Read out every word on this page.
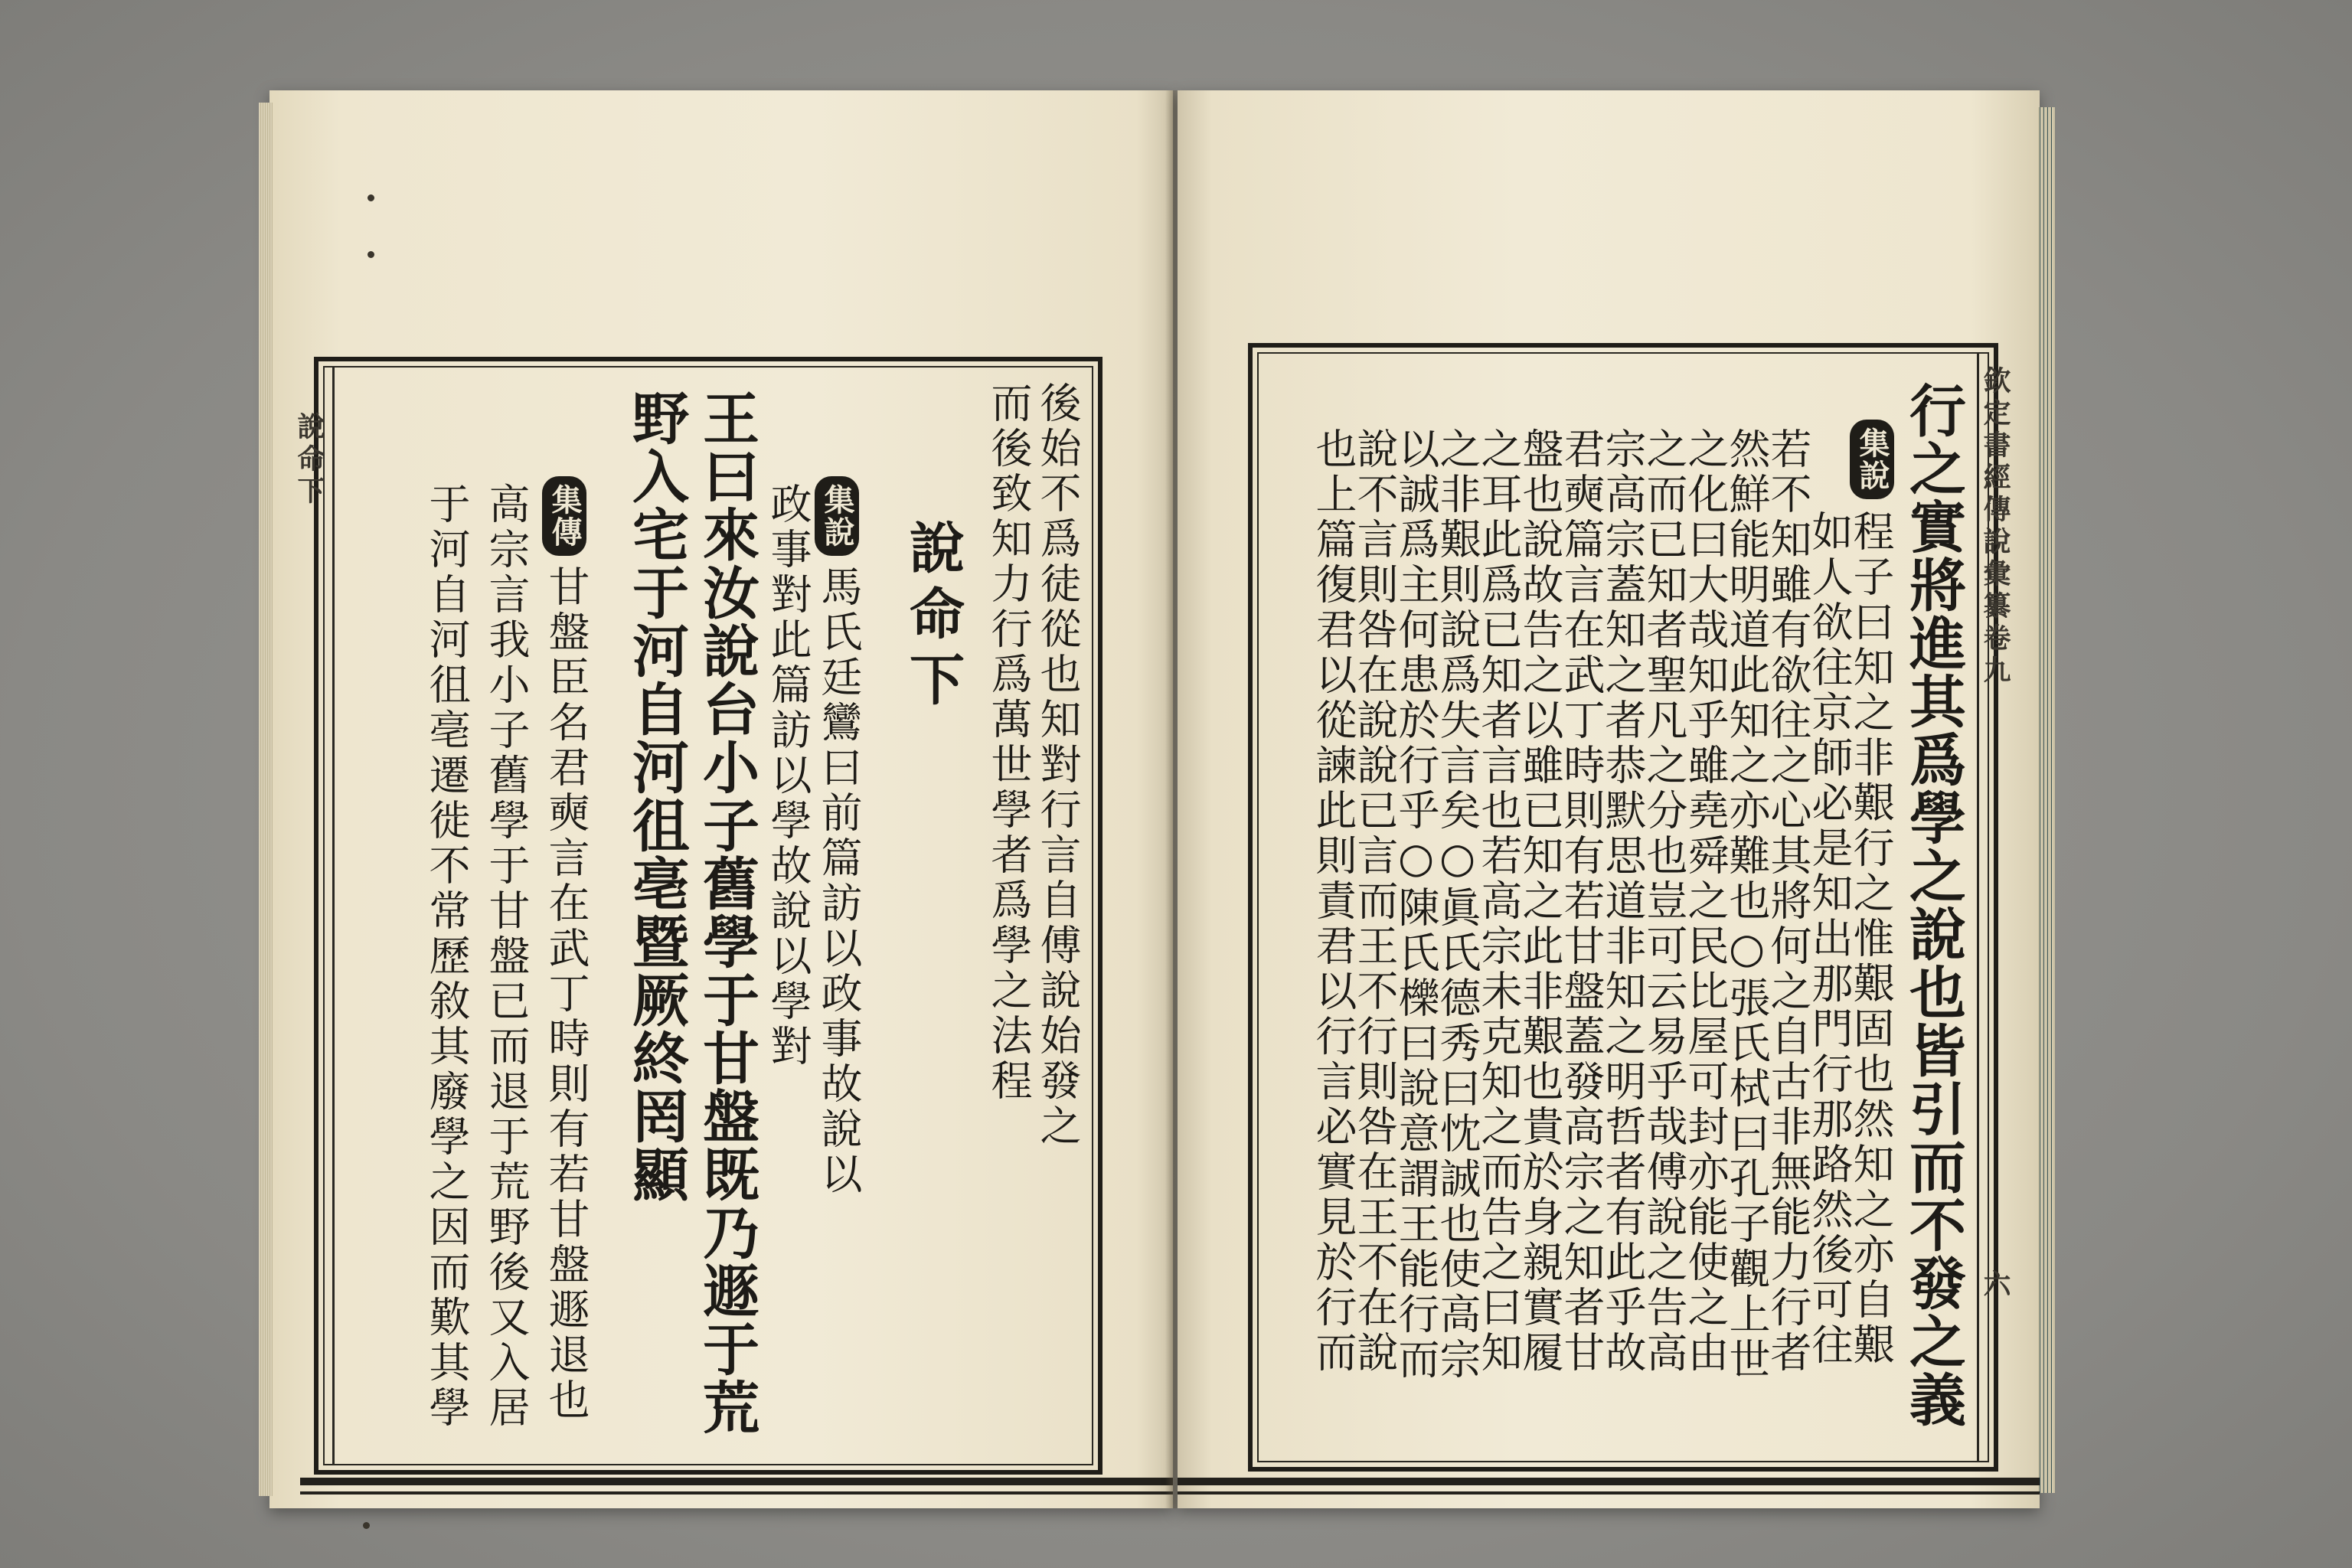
說命下	後始不爲徒從也知對行言自傅說始發之
而後致知力行爲萬世學者爲學之法程
說命下
集說
馬氏廷鸞曰前篇訪以政事故說以
政事對此篇訪以學故說以學對
王曰來汝說台小子舊學于甘盤既乃遯于荒
野入宅于河自河徂亳暨厥終罔顯
集傳
甘盤臣名君奭言在武丁時則有若甘盤遯退也
高宗言我小子舊學于甘盤已而退于荒野後又入居
于河自河徂亳遷徙不常歷敘其廢學之因而歎其學	欽定書經傳說彙纂卷九
六
行之實將進其爲學之說也皆引而不發之義
集說
程子曰知之非艱行之惟艱固也然知之亦自艱
如人欲往京師必是知出那門行那路然後可往
若不知雖有欲往之心其將何之自古非無能力行者
然鮮能明道此知之亦難也○張氏栻曰孔子觀上世
之化曰大哉知乎雖堯舜之民比屋可封亦能使之由
之而已知者聖凡之分也豈可云易乎哉傅說之告高
宗高宗蓋知之者恭默思道非知之明哲者有此乎故
君奭篇言在武丁時則有若甘盤蓋發高宗之知者甘
盤也說故告之以雖已知之此非艱也貴於身親實履
之耳此爲已知者言也若高宗未克知之而告之曰知
之非艱則說爲失言矣○眞氏德秀曰忱誠也使高宗
以誠爲主何患於行乎○陳氏櫟曰說意謂王能行而
說不言則咎在說說已言而王不行則咎在王不在說
也上篇復君以從諫此則責君以行言必實見於行而
